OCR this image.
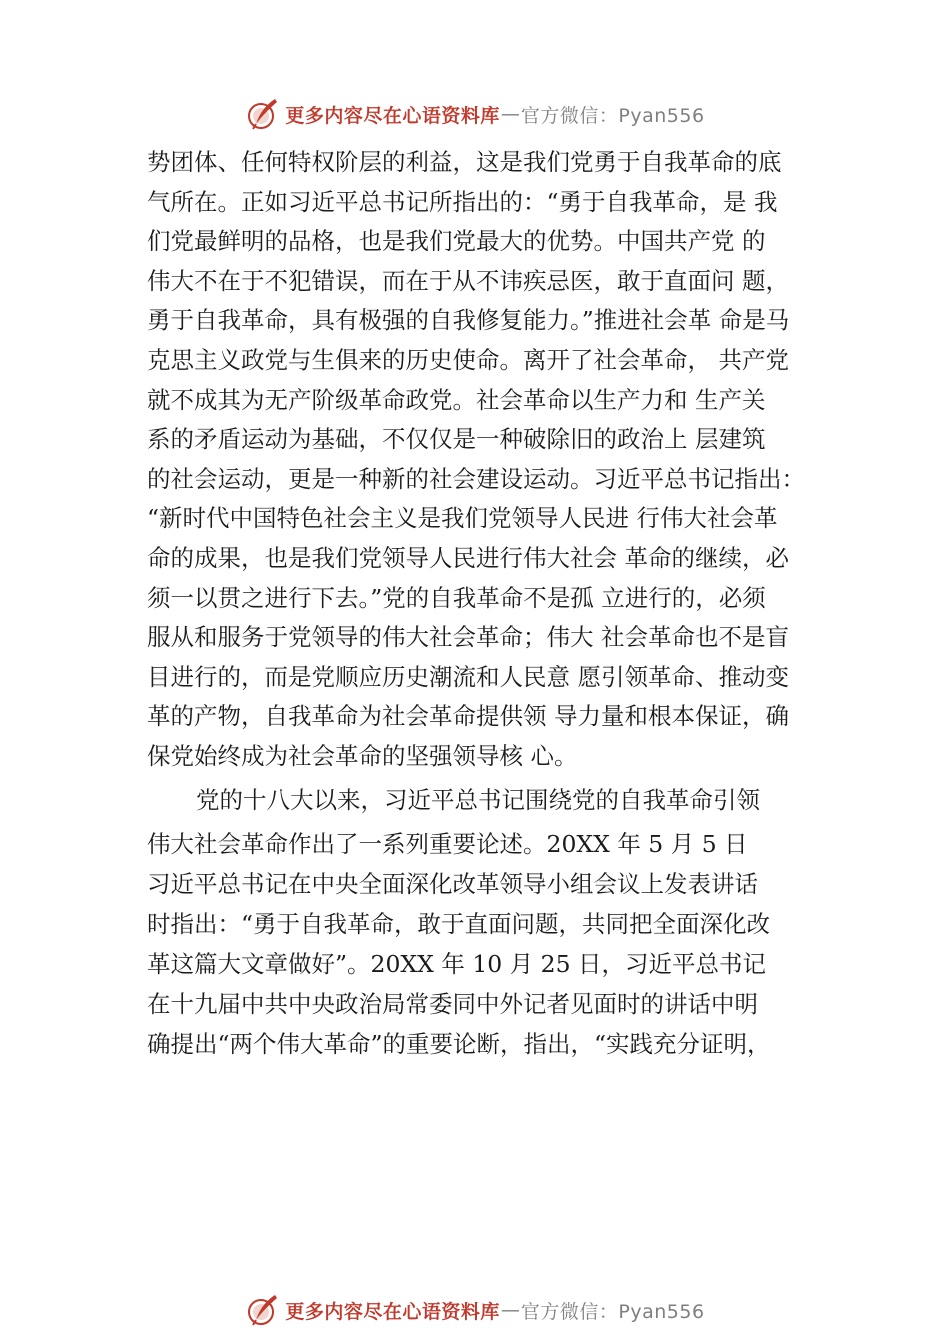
更多内容尽在心语资料库 — 官方微信：Pyan556
势团体、任何特权阶层的利益，这是我们党勇于自我革命的底
气所在。正如习近平总书记所指出的：“勇于自我革命，是 我
们党最鲜明的品格，也是我们党最大的优势。中国共产党 的
伟大不在于不犯错误，而在于从不讳疾忌医，敢于直面问 题，
勇于自我革命，具有极强的自我修复能力。”推进社会革 命是马
克思主义政党与生俱来的历史使命。离开了社会革命， 共产党
就不成其为无产阶级革命政党。社会革命以生产力和 生产关
系的矛盾运动为基础，不仅仅是一种破除旧的政治上 层建筑
的社会运动，更是一种新的社会建设运动。习近平总书记指出：
“新时代中国特色社会主义是我们党领导人民进 行伟大社会革
命的成果，也是我们党领导人民进行伟大社会 革命的继续，必
须一以贯之进行下去。”党的自我革命不是孤 立进行的，必须
服从和服务于党领导的伟大社会革命；伟大 社会革命也不是盲
目进行的，而是党顺应历史潮流和人民意 愿引领革命、推动变
革的产物，自我革命为社会革命提供领 导力量和根本保证，确
保党始终成为社会革命的坚强领导核 心。
党的十八大以来，习近平总书记围绕党的自我革命引领
伟大社会革命作出了一系列重要论述。20XX 年 5 月 5 日
习近平总书记在中央全面深化改革领导小组会议上发表讲话
时指出：“勇于自我革命，敢于直面问题，共同把全面深化改
革这篇大文章做好”。20XX 年 10 月 25 日，习近平总书记
在十九届中共中央政治局常委同中外记者见面时的讲话中明
确提出“两个伟大革命”的重要论断，指出，“实践充分证明，
更多内容尽在心语资料库 — 官方微信：Pyan556
